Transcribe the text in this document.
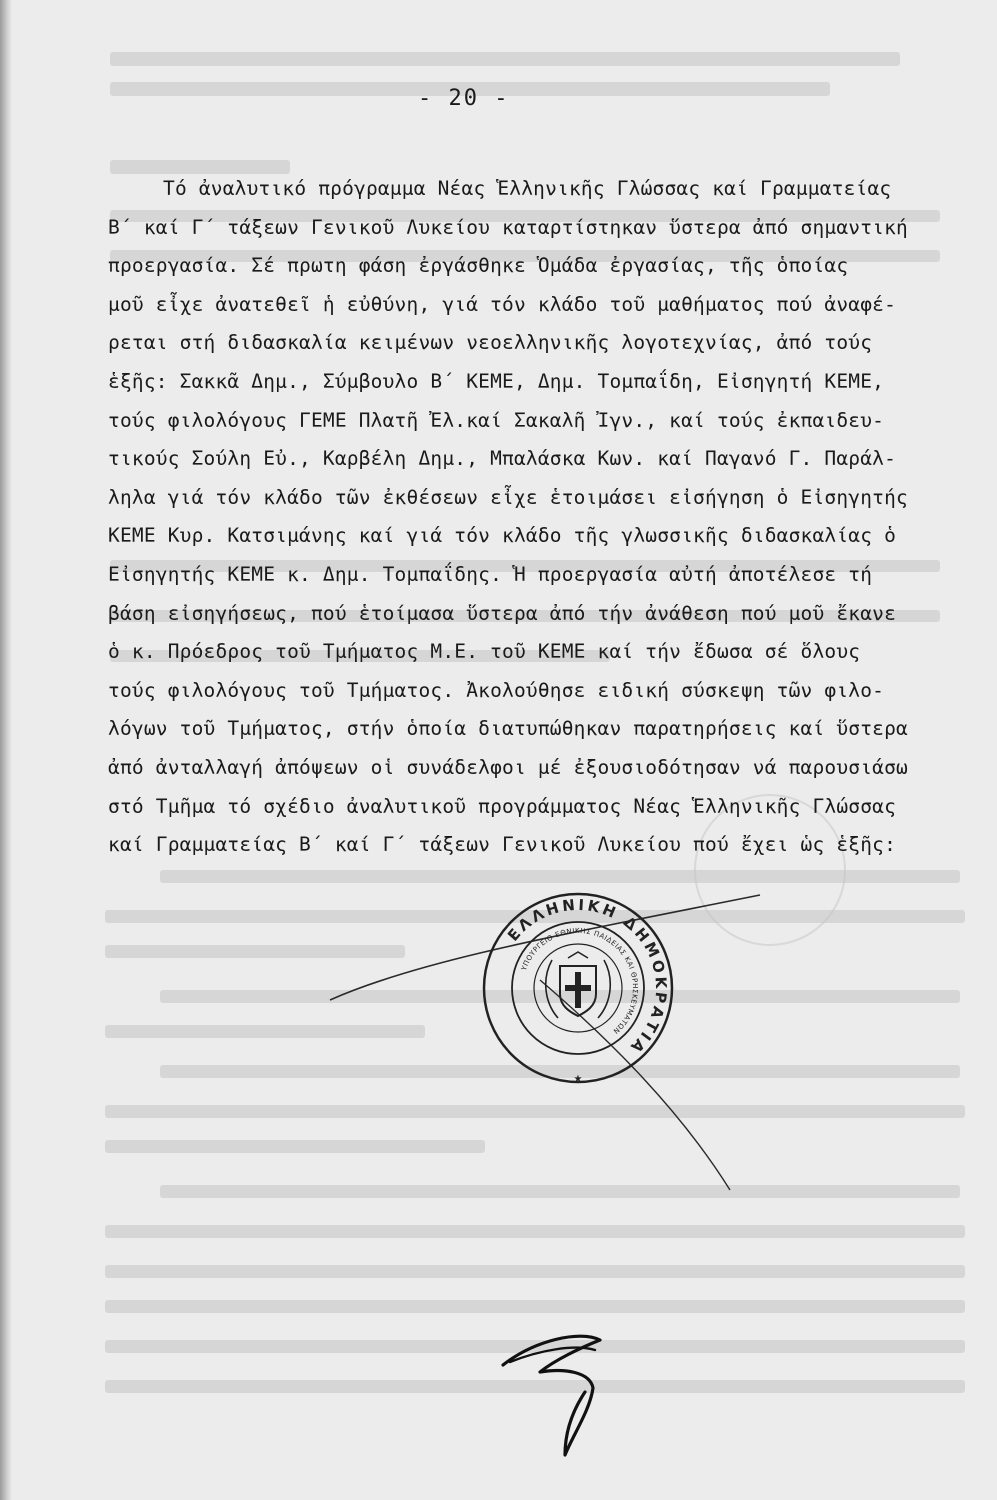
- 20 -
Τό ἀναλυτικό πρόγραμμα Νέας Ἑλληνικῆς Γλώσσας καί Γραμματείας
Β΄ καί Γ΄ τάξεων Γενικοῦ Λυκείου καταρτίστηκαν ὕστερα ἀπό σημαντική
προεργασία. Σέ πρωτη φάση ἐργάσθηκε Ὁμάδα ἐργασίας, τῆς ὁποίας
μοῦ εἶχε ἀνατεθεῖ ἡ εὐθύνη, γιά τόν κλάδο τοῦ μαθήματος πού ἀναφέ-
ρεται στή διδασκαλία κειμένων νεοελληνικῆς λογοτεχνίας, ἀπό τούς
ἑξῆς: Σακκᾶ Δημ., Σύμβουλο Β΄ ΚΕΜΕ, Δημ. Τομπαΐδη, Εἰσηγητή ΚΕΜΕ,
τούς φιλολόγους ΓΕΜΕ Πλατῆ Ἐλ.καί Σακαλῆ Ἰγν., καί τούς ἐκπαιδευ-
τικούς Σούλη Εὐ., Καρβέλη Δημ., Μπαλάσκα Κων. καί Παγανό Γ. Παράλ-
ληλα γιά τόν κλάδο τῶν ἐκθέσεων εἶχε ἑτοιμάσει εἰσήγηση ὁ Εἰσηγητής
ΚΕΜΕ Κυρ. Κατσιμάνης καί γιά τόν κλάδο τῆς γλωσσικῆς διδασκαλίας ὁ
Εἰσηγητής ΚΕΜΕ κ. Δημ. Τομπαΐδης. Ἡ προεργασία αὐτή ἀποτέλεσε τή
βάση εἰσηγήσεως, πού ἑτοίμασα ὕστερα ἀπό τήν ἀνάθεση πού μοῦ ἔκανε
ὁ κ. Πρόεδρος τοῦ Τμήματος Μ.Ε. τοῦ ΚΕΜΕ καί τήν ἔδωσα σέ ὅλους
τούς φιλολόγους τοῦ Τμήματος. Ἀκολούθησε ειδική σύσκεψη τῶν φιλο-
λόγων τοῦ Τμήματος, στήν ὁποία διατυπώθηκαν παρατηρήσεις καί ὕστερα
ἀπό ἀνταλλαγή ἀπόψεων οἱ συνάδελφοι μέ ἐξουσιοδότησαν νά παρουσιάσω
στό Τμῆμα τό σχέδιο ἀναλυτικοῦ προγράμματος Νέας Ἑλληνικῆς Γλώσσας
καί Γραμματείας Β΄ καί Γ΄ τάξεων Γενικοῦ Λυκείου πού ἔχει ὡς ἑξῆς:
ΕΛΛΗΝΙΚΗ ΔΗΜΟΚΡΑΤΙΑ
ΥΠΟΥΡΓΕΙΟ ΕΘΝΙΚΗΣ ΠΑΙΔΕΙΑΣ ΚΑΙ ΘΡΗΣΚΕΥΜΑΤΩΝ
★
